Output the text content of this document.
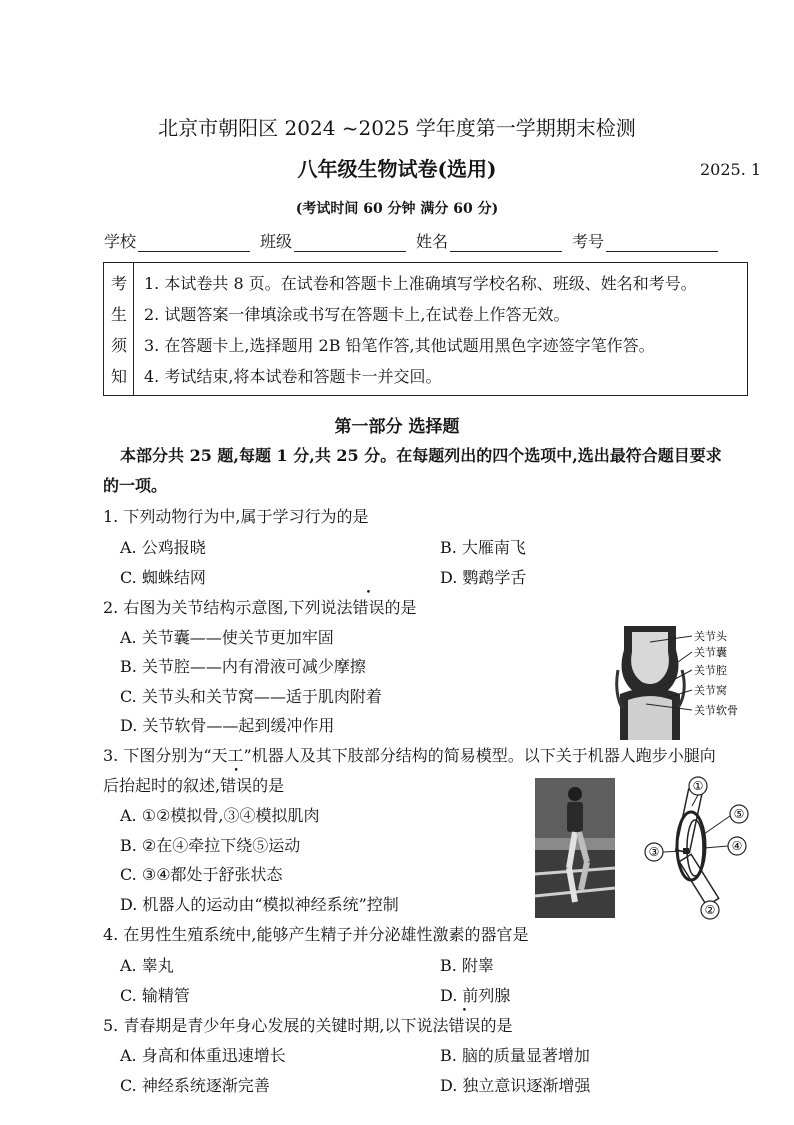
北京市朝阳区 2024 ~2025 学年度第一学期期末检测
八年级生物试卷(选用)	2025. 1
(考试时间 60 分钟 满分 60 分)
学校	班级	姓名	考号
考
生
须
知
1. 本试卷共 8 页。在试卷和答题卡上准确填写学校名称、班级、姓名和考号。
2. 试题答案一律填涂或书写在答题卡上,在试卷上作答无效。
3. 在答题卡上,选择题用 2B 铅笔作答,其他试题用黑色字迹签字笔作答。
4. 考试结束,将本试卷和答题卡一并交回。
第一部分 选择题
本部分共 25 题,每题 1 分,共 25 分。在每题列出的四个选项中,选出最符合题目要求
的一项。
1. 下列动物行为中,属于学习行为的是
A. 公鸡报晓	B. 大雁南飞
C. 蜘蛛结网	D. 鹦鹉学舌
2. 右图为关节结构示意图,下列说法错误的是
A. 关节囊——使关节更加牢固
B. 关节腔——内有滑液可减少摩擦
C. 关节头和关节窝——适于肌肉附着
D. 关节软骨——起到缓冲作用
关节头
关节囊
关节腔
关节窝
关节软骨
3. 下图分别为“天工”机器人及其下肢部分结构的简易模型。以下关于机器人跑步小腿向
后抬起时的叙述,错误的是
A. ①②模拟骨,③④模拟肌肉
B. ②在④牵拉下绕⑤运动
C. ③④都处于舒张状态
D. 机器人的运动由“模拟神经系统”控制
①
②
③	④
⑤
4. 在男性生殖系统中,能够产生精子并分泌雄性激素的器官是
A. 睾丸	B. 附睾
C. 输精管	D. 前列腺
5. 青春期是青少年身心发展的关键时期,以下说法错误的是
A. 身高和体重迅速增长	B. 脑的质量显著增加
C. 神经系统逐渐完善	D. 独立意识逐渐增强
